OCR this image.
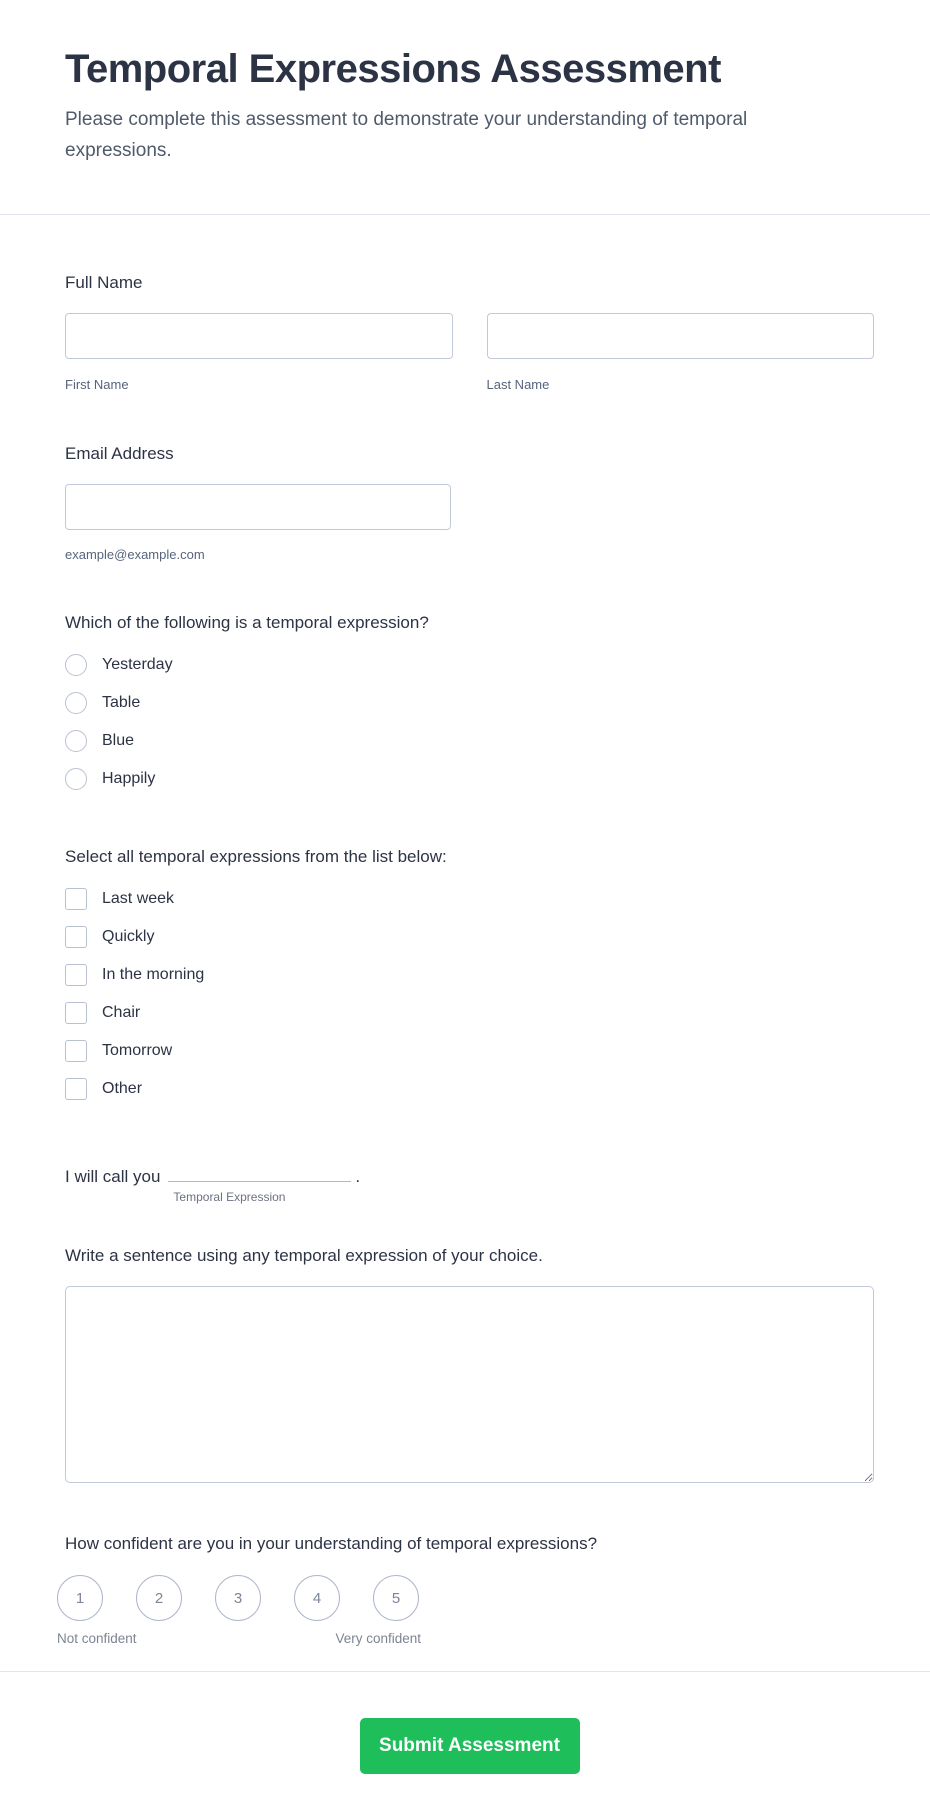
Temporal Expressions Assessment

Please complete this assessment to demonstrate your understanding of temporal expressions.

Full Name
First Name	Last Name
Email Address
example@example.com
Which of the following is a temporal expression?
Yesterday
Table
Blue
Happily
Select all temporal expressions from the list below:
Last week
Quickly
In the morning
Chair
Tomorrow
Other
I will call you
Temporal Expression
.
Write a sentence using any temporal expression of your choice.
How confident are you in your understanding of temporal expressions?
1	2	3	4	5
Not confident	Very confident
Submit Assessment
